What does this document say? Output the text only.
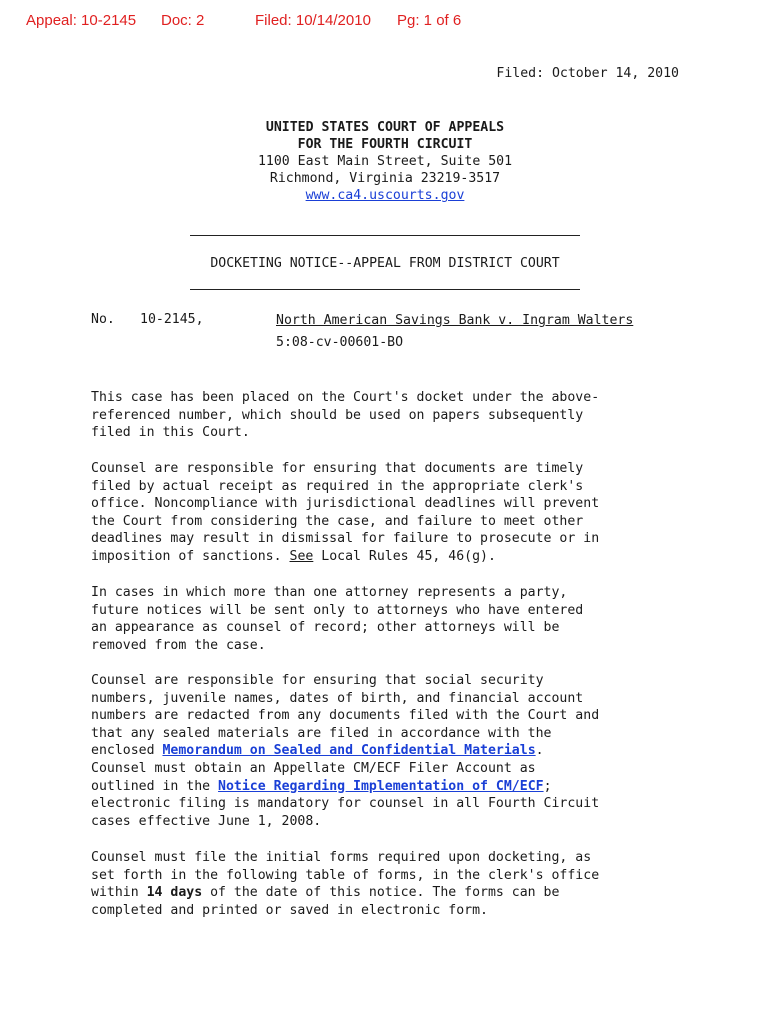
Appeal: 10-2145 Doc: 2	Filed: 10/14/2010 Pg: 1 of 6
Filed: October 14, 2010
UNITED STATES COURT OF APPEALS
FOR THE FOURTH CIRCUIT
1100 East Main Street, Suite 501
Richmond, Virginia 23219-3517
www.ca4.uscourts.gov
DOCKETING NOTICE--APPEAL FROM DISTRICT COURT
No. 10-2145,	North American Savings Bank v. Ingram Walters
5:08-cv-00601-BO
This case has been placed on the Court's docket under the above-
referenced number, which should be used on papers subsequently
filed in this Court.
Counsel are responsible for ensuring that documents are timely
filed by actual receipt as required in the appropriate clerk's
office. Noncompliance with jurisdictional deadlines will prevent
the Court from considering the case, and failure to meet other
deadlines may result in dismissal for failure to prosecute or in
imposition of sanctions. See Local Rules 45, 46(g).
In cases in which more than one attorney represents a party,
future notices will be sent only to attorneys who have entered
an appearance as counsel of record; other attorneys will be
removed from the case.
Counsel are responsible for ensuring that social security
numbers, juvenile names, dates of birth, and financial account
numbers are redacted from any documents filed with the Court and
that any sealed materials are filed in accordance with the
enclosed Memorandum on Sealed and Confidential Materials.
Counsel must obtain an Appellate CM/ECF Filer Account as
outlined in the Notice Regarding Implementation of CM/ECF;
electronic filing is mandatory for counsel in all Fourth Circuit
cases effective June 1, 2008.
Counsel must file the initial forms required upon docketing, as
set forth in the following table of forms, in the clerk's office
within 14 days of the date of this notice. The forms can be
completed and printed or saved in electronic form.
